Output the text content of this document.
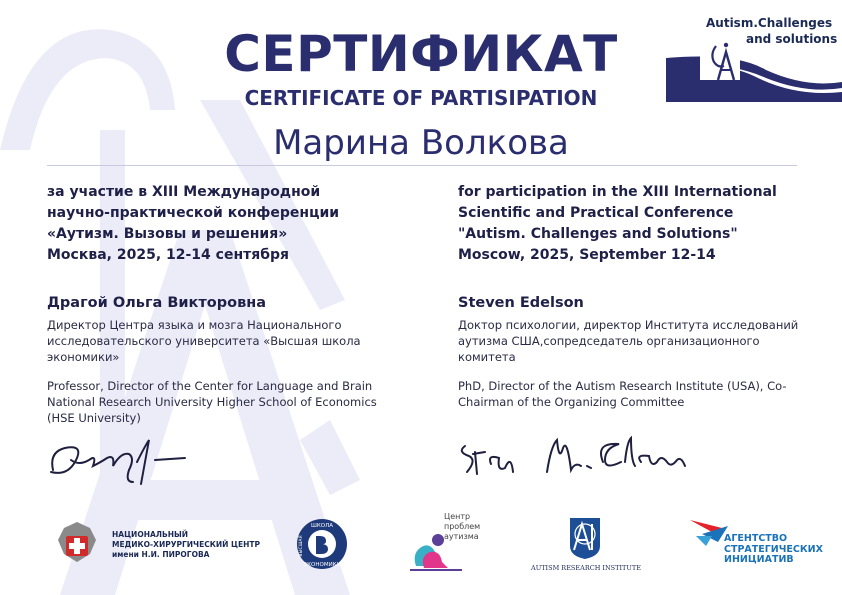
Autism.Challenges
and solutions
СЕРТИФИКАТ
CERTIFICATE OF PARTISIPATION
Марина Волкова
за участие в XIII Международной
научно-практической конференции
«Аутизм. Вызовы и решения»
Москва, 2025, 12-14 сентября
for participation in the XIII International
Scientific and Practical Conference
"Autism. Challenges and Solutions"
Moscow, 2025, September 12-14
Драгой Ольга Викторовна
Директор Центра языка и мозга Национального исследовательского университета «Высшая школа экономики»
Professor, Director of the Center for Language and Brain National Research University Higher School of Economics (HSE University)
Steven Edelson
Доктор психологии, директор Института исследований аутизма США,сопредседатель организационного комитета
PhD, Director of the Autism Research Institute (USA), Co-Chairman of the Organizing Committee
НАЦИОНАЛЬНЫЙ
МЕДИКО-ХИРУРГИЧЕСКИЙ ЦЕНТР
имени Н.И. ПИРОГОВА
ШКОЛА
ЭКОНОМИКИ
ВЫСШАЯ
Центр
проблем
аутизма
AUTISM RESEARCH INSTITUTE
АГЕНТСТВО
СТРАТЕГИЧЕСКИХ
ИНИЦИАТИВ
